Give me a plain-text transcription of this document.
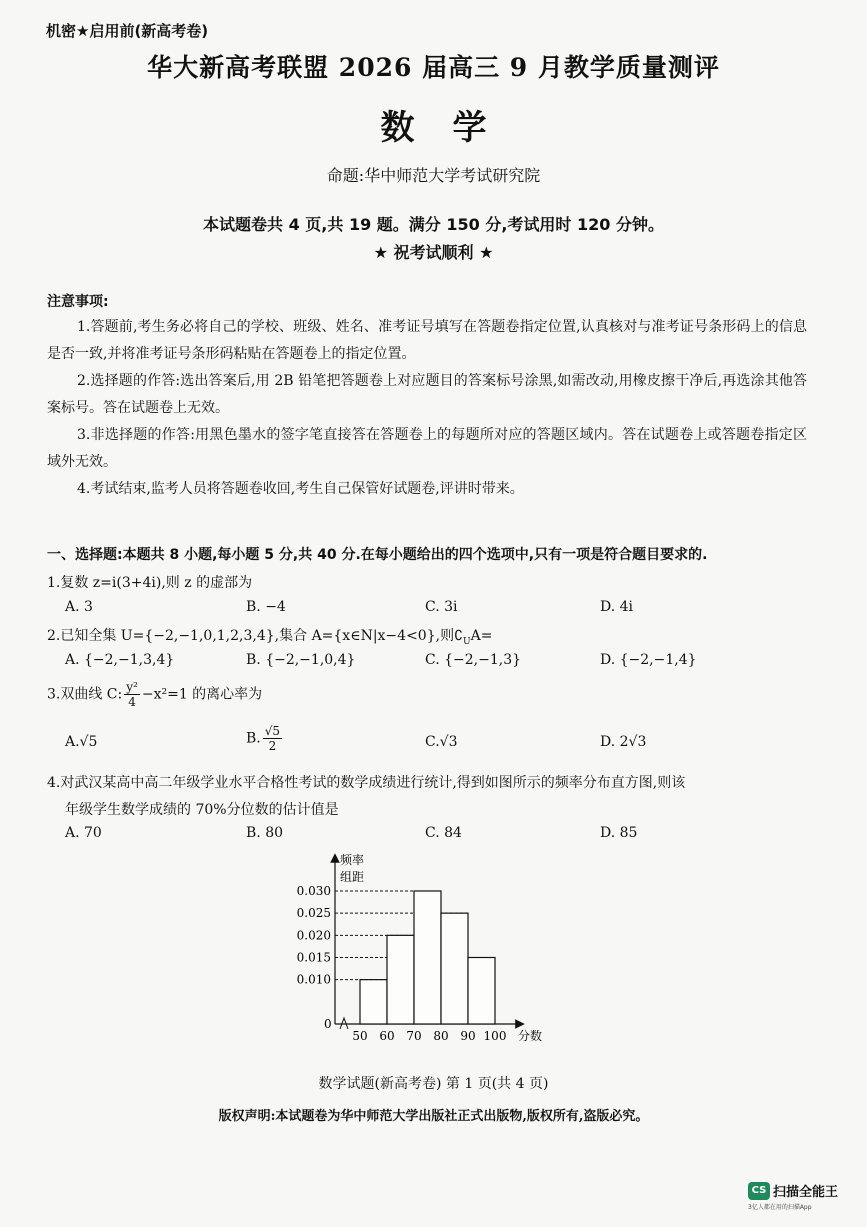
机密★启用前(新高考卷)
华大新高考联盟 2026 届高三 9 月教学质量测评
数学
命题:华中师范大学考试研究院
本试题卷共 4 页,共 19 题。满分 150 分,考试用时 120 分钟。
★ 祝考试顺利 ★
注意事项:
1.答题前,考生务必将自己的学校、班级、姓名、准考证号填写在答题卷指定位置,认真核对与准考证号条形码上的信息是否一致,并将准考证号条形码粘贴在答题卷上的指定位置。
2.选择题的作答:选出答案后,用 2B 铅笔把答题卷上对应题目的答案标号涂黑,如需改动,用橡皮擦干净后,再选涂其他答案标号。答在试题卷上无效。
3.非选择题的作答:用黑色墨水的签字笔直接答在答题卷上的每题所对应的答题区域内。答在试题卷上或答题卷指定区域外无效。
4.考试结束,监考人员将答题卷收回,考生自己保管好试题卷,评讲时带来。
一、选择题:本题共 8 小题,每小题 5 分,共 40 分.在每小题给出的四个选项中,只有一项是符合题目要求的.
1.复数 z=i(3+4i),则 z 的虚部为
A. 3	B. −4	C. 3i	D. 4i
2.已知全集 U={−2,−1,0,1,2,3,4},集合 A={x∈N|x−4<0},则$∁_UA=$
A. {−2,−1,3,4}	B. {−2,−1,0,4}	C. {−2,−1,3}	D. {−2,−1,4}
3.双曲线 C: $\frac{\text{y²}}{4} -x^2=1$ 的离心率为
A.√5	B. $\frac{√5}{2}$	C.√3	D. 2√3
4.对武汉某高中高二年级学业水平合格性考试的数学成绩进行统计,得到如图所示的频率分布直方图,则该
年级学生数学成绩的 70%分位数的估计值是
A. 70	B. 80	C. 84	D. 85
频率
组距
分数
0
0.010
0.015
0.020
0.025
0.030
50 60 70 80 90 100
数学试题(新高考卷) 第 1 页(共 4 页)
版权声明:本试题卷为华中师范大学出版社正式出版物,版权所有,盗版必究。
CS 扫描全能王
3亿人都在用的扫描App
